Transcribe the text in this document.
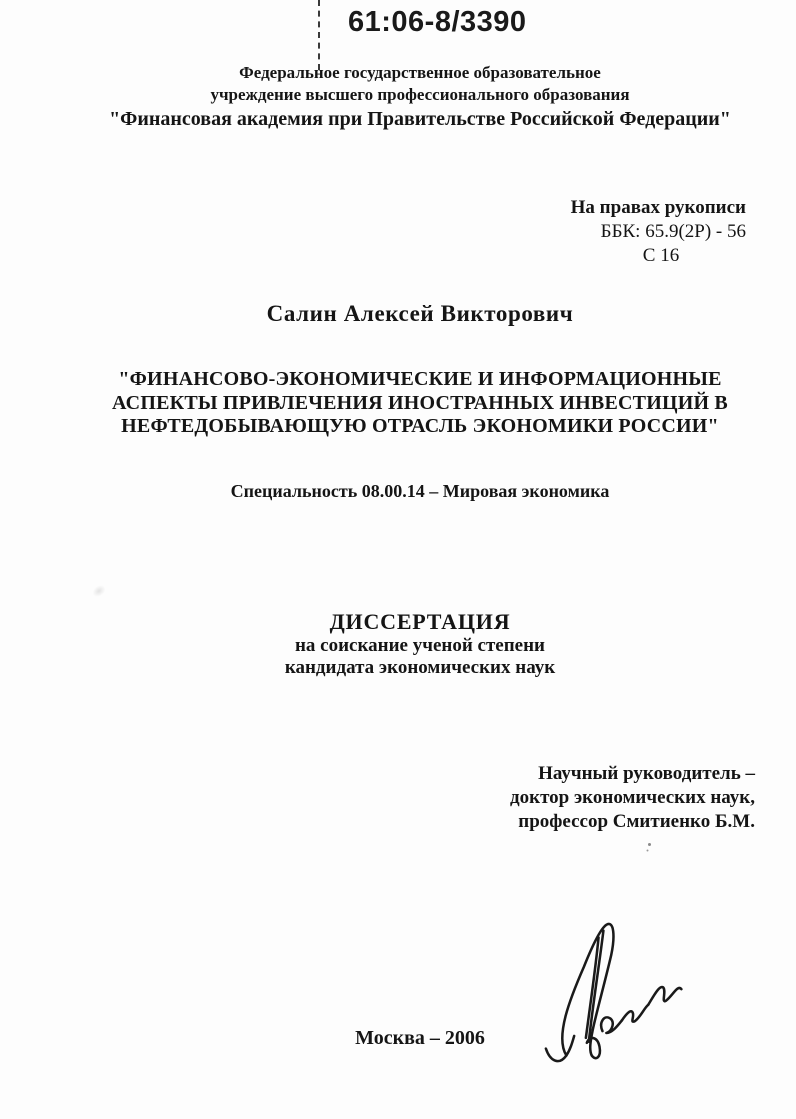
61:06-8/3390
Федеральное государственное образовательное
учреждение высшего профессионального образования
"Финансовая академия при Правительстве Российской Федерации"
На правах рукописи
ББК: 65.9(2Р) - 56
С 16
Салин Алексей Викторович
"ФИНАНСОВО-ЭКОНОМИЧЕСКИЕ И ИНФОРМАЦИОННЫЕ
АСПЕКТЫ ПРИВЛЕЧЕНИЯ ИНОСТРАННЫХ ИНВЕСТИЦИЙ В
НЕФТЕДОБЫВАЮЩУЮ ОТРАСЛЬ ЭКОНОМИКИ РОССИИ"
Специальность 08.00.14 – Мировая экономика
ДИССЕРТАЦИЯ
на соискание ученой степени
кандидата экономических наук
Научный руководитель –
доктор экономических наук,
профессор Смитиенко Б.М.
Москва – 2006
